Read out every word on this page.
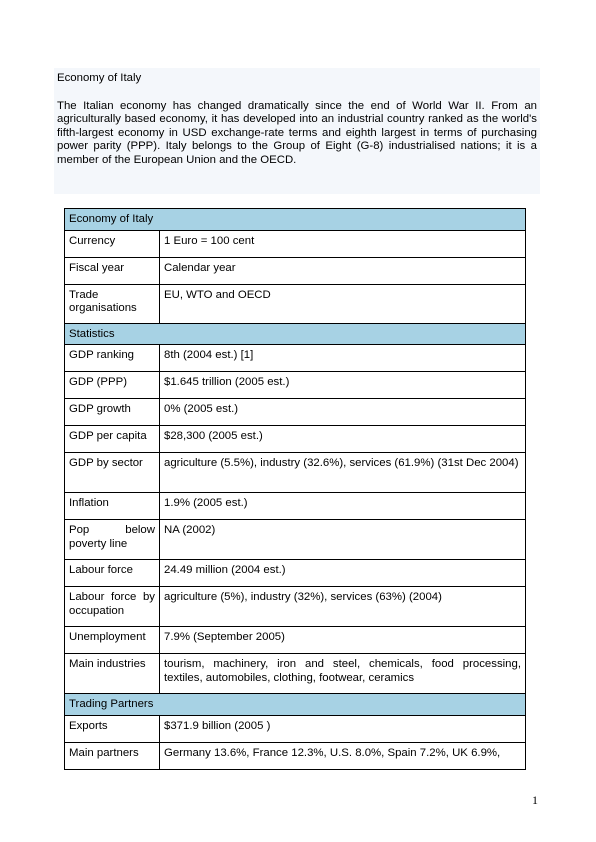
Economy of Italy

The Italian economy has changed dramatically since the end of World War II. From an agriculturally based economy, it has developed into an industrial country ranked as the world's fifth-largest economy in USD exchange-rate terms and eighth largest in terms of purchasing power parity (PPP). Italy belongs to the Group of Eight (G-8) industrialised nations; it is a member of the European Union and the OECD.

Economy of Italy	
Currency	1 Euro = 100 cent
Fiscal year	Calendar year
Trade organisations	EU, WTO and OECD
Statistics	
GDP ranking	8th (2004 est.) [1]
GDP (PPP)	$1.645 trillion (2005 est.)
GDP growth	0% (2005 est.)
GDP per capita	$28,300 (2005 est.)
GDP by sector	agriculture (5.5%), industry (32.6%), services (61.9%) (31st Dec 2004)
Inflation	1.9% (2005 est.)
Pop below poverty line	NA (2002)
Labour force	24.49 million (2004 est.)
Labour force by occupation	agriculture (5%), industry (32%), services (63%) (2004)
Unemployment	7.9% (September 2005)
Main industries	tourism, machinery, iron and steel, chemicals, food processing, textiles, automobiles, clothing, footwear, ceramics
Trading Partners	
Exports	$371.9 billion (2005 )
Main partners	Germany 13.6%, France 12.3%, U.S. 8.0%, Spain 7.2%, UK 6.9%,
1
